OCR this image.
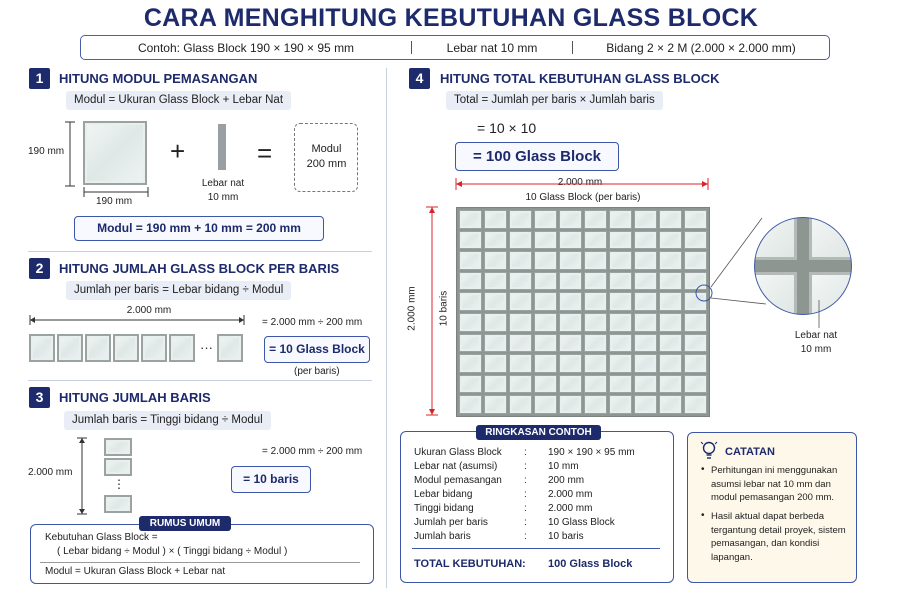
CARA MENGHITUNG KEBUTUHAN GLASS BLOCK
Contoh: Glass Block 190 × 190 × 95 mm	Lebar nat 10 mm	Bidang 2 × 2 M (2.000 × 2.000 mm)
1	HITUNG MODUL PEMASANGAN
Modul = Ukuran Glass Block + Lebar Nat
190 mm
190 mm
+
Lebar nat
10 mm
=	Modul
200 mm
Modul = 190 mm + 10 mm = 200 mm
2	HITUNG JUMLAH GLASS BLOCK PER BARIS
Jumlah per baris = Lebar bidang ÷ Modul
2.000 mm
···
= 2.000 mm ÷ 200 mm
= 10 Glass Block
(per baris)
3	HITUNG JUMLAH BARIS
Jumlah baris = Tinggi bidang ÷ Modul
2.000 mm
⋮
= 2.000 mm ÷ 200 mm
= 10 baris
RUMUS UMUM
Kebutuhan Glass Block =
( Lebar bidang ÷ Modul ) × ( Tinggi bidang ÷ Modul )
Modul = Ukuran Glass Block + Lebar nat
4	HITUNG TOTAL KEBUTUHAN GLASS BLOCK
Total = Jumlah per baris × Jumlah baris
= 10 × 10
= 100 Glass Block
2.000 mm
10 Glass Block (per baris)
2.000 mm 10 baris
Lebar nat
10 mm
RINGKASAN CONTOH
Ukuran Glass Block	:	190 × 190 × 95 mm
Lebar nat (asumsi)	:	10 mm
Modul pemasangan	:	200 mm
Lebar bidang	:	2.000 mm
Tinggi bidang	:	2.000 mm
Jumlah per baris	:	10 Glass Block
Jumlah baris	:	10 baris
TOTAL KEBUTUHAN : 100 Glass Block
CATATAN
• Perhitungan ini menggunakan asumsi lebar nat 10 mm dan modul pemasangan 200 mm.
• Hasil aktual dapat berbeda tergantung detail proyek, sistem pemasangan, dan kondisi lapangan.
